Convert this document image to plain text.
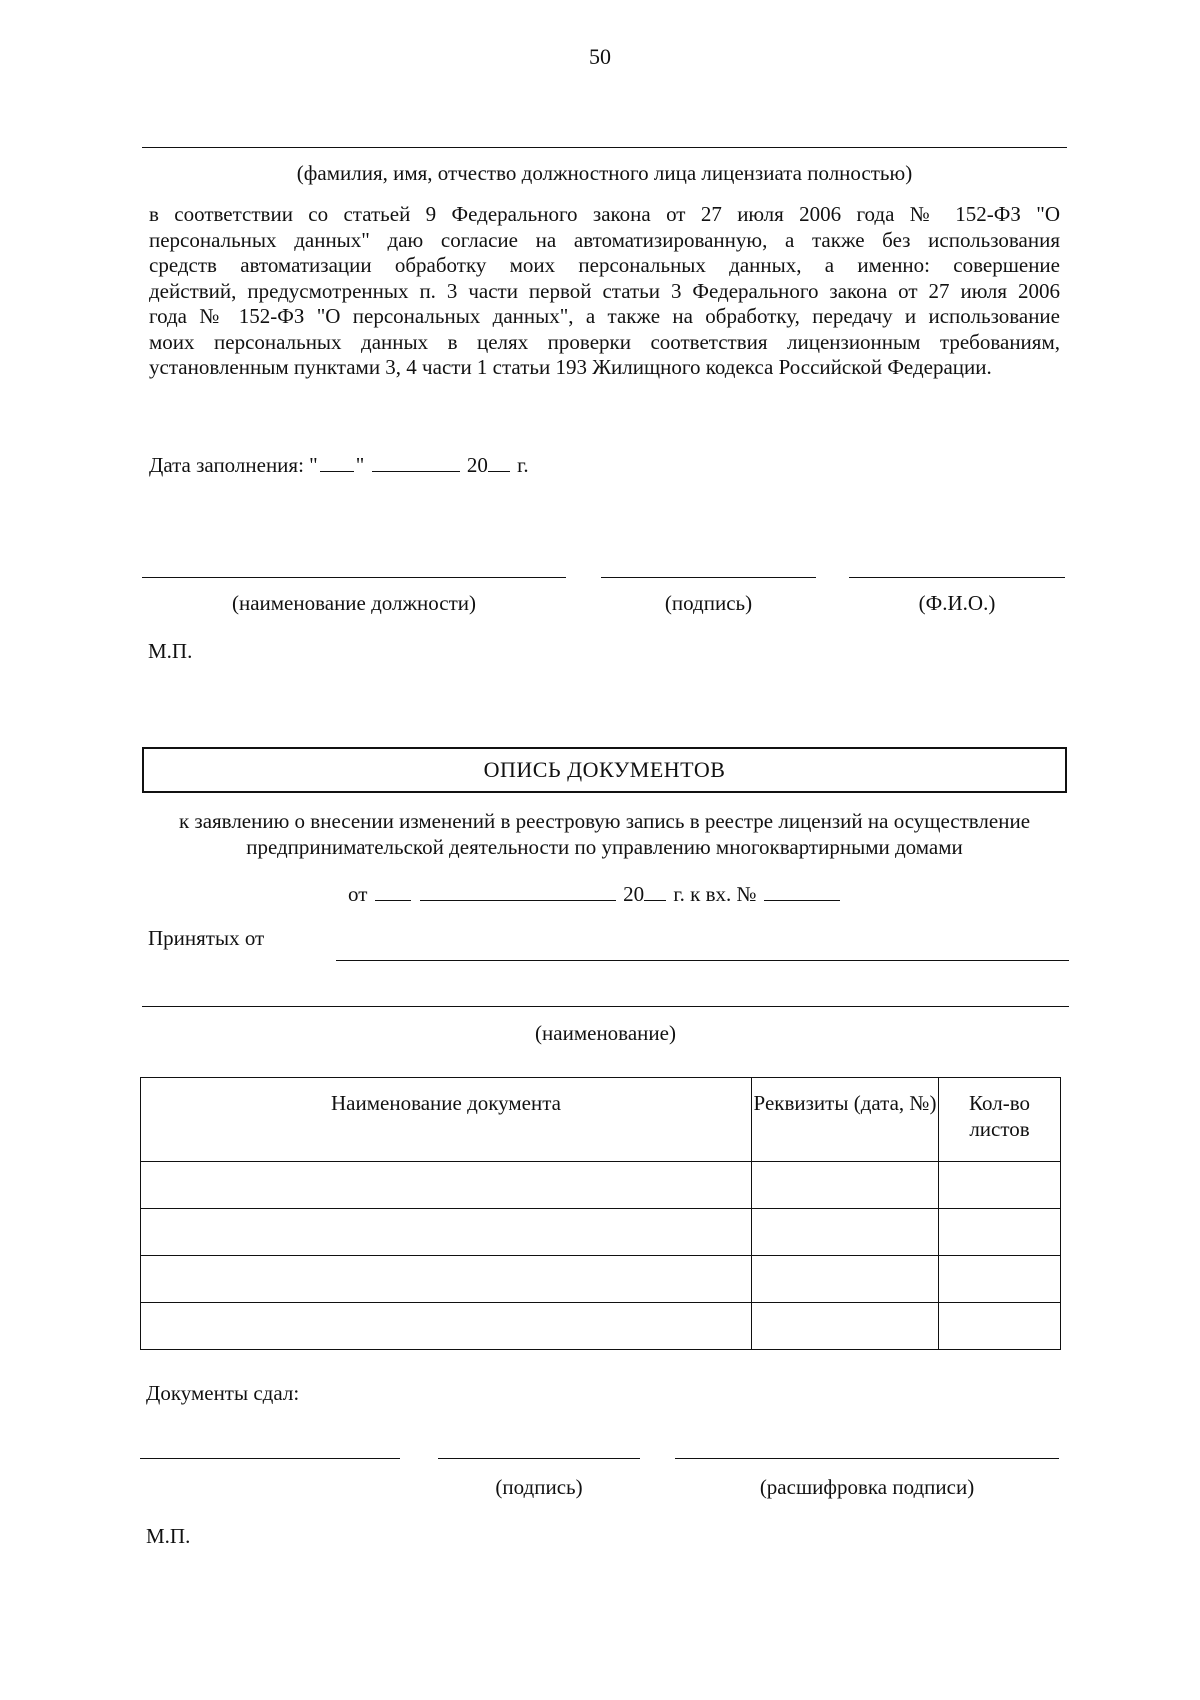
50
(фамилия, имя, отчество должностного лица лицензиата полностью)
в соответствии со статьей 9 Федерального закона от 27 июля 2006 года № 152-ФЗ "О
персональных данных" даю согласие на автоматизированную, а также без использования
средств автоматизации обработку моих персональных данных, а именно: совершение
действий, предусмотренных п. 3 части первой статьи 3 Федерального закона от 27 июля 2006
года № 152-ФЗ "О персональных данных", а также на обработку, передачу и использование
моих персональных данных в целях проверки соответствия лицензионным требованиям,
установленным пунктами 3, 4 части 1 статьи 193 Жилищного кодекса Российской Федерации.
Дата заполнения: " "	20 г.
(наименование должности)	(подпись)	(Ф.И.О.)
М.П.
ОПИСЬ ДОКУМЕНТОВ
к заявлению о внесении изменений в реестровую запись в реестре лицензий на осуществление
предпринимательской деятельности по управлению многоквартирными домами
от	20 г. к вх. №
Принятых от
(наименование)
Наименование документа	Реквизиты (дата, №)	Кол-во листов

Документы сдал:
(подпись)	(расшифровка подписи)
М.П.
